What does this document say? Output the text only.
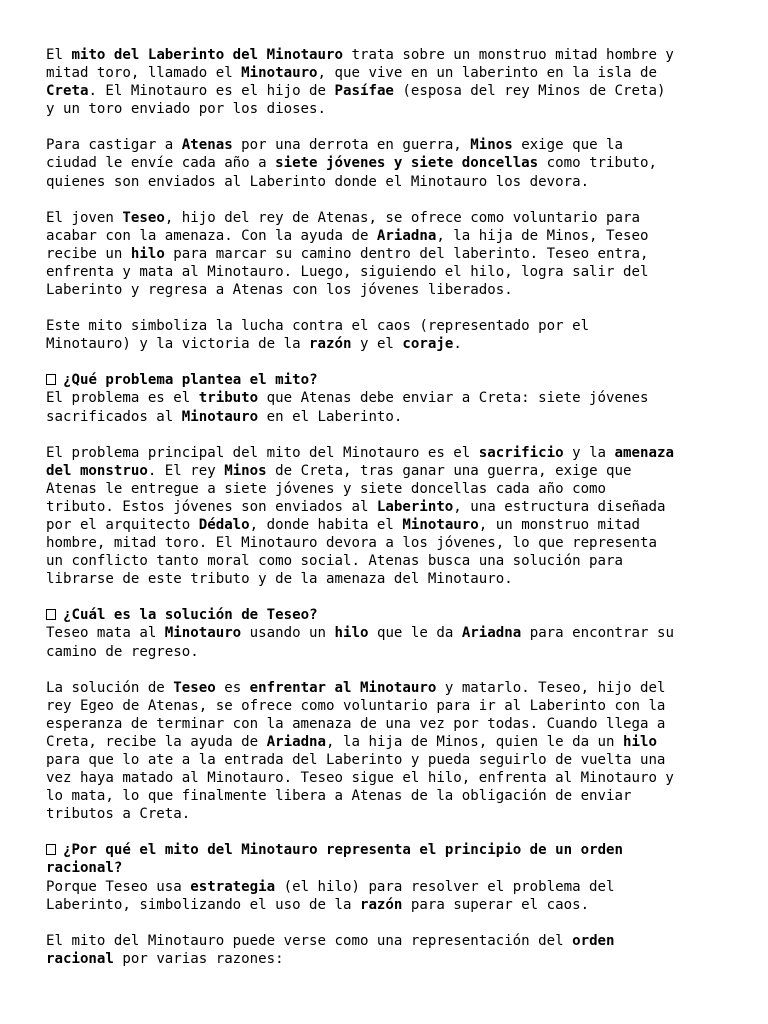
El mito del Laberinto del Minotauro trata sobre un monstruo mitad hombre y
mitad toro, llamado el Minotauro, que vive en un laberinto en la isla de
Creta. El Minotauro es el hijo de Pasífae (esposa del rey Minos de Creta)
y un toro enviado por los dioses.

Para castigar a Atenas por una derrota en guerra, Minos exige que la
ciudad le envíe cada año a siete jóvenes y siete doncellas como tributo,
quienes son enviados al Laberinto donde el Minotauro los devora.

El joven Teseo, hijo del rey de Atenas, se ofrece como voluntario para
acabar con la amenaza. Con la ayuda de Ariadna, la hija de Minos, Teseo
recibe un hilo para marcar su camino dentro del laberinto. Teseo entra,
enfrenta y mata al Minotauro. Luego, siguiendo el hilo, logra salir del
Laberinto y regresa a Atenas con los jóvenes liberados.

Este mito simboliza la lucha contra el caos (representado por el
Minotauro) y la victoria de la razón y el coraje.

¿Qué problema plantea el mito?
El problema es el tributo que Atenas debe enviar a Creta: siete jóvenes
sacrificados al Minotauro en el Laberinto.

El problema principal del mito del Minotauro es el sacrificio y la amenaza
del monstruo. El rey Minos de Creta, tras ganar una guerra, exige que
Atenas le entregue a siete jóvenes y siete doncellas cada año como
tributo. Estos jóvenes son enviados al Laberinto, una estructura diseñada
por el arquitecto Dédalo, donde habita el Minotauro, un monstruo mitad
hombre, mitad toro. El Minotauro devora a los jóvenes, lo que representa
un conflicto tanto moral como social. Atenas busca una solución para
librarse de este tributo y de la amenaza del Minotauro.

¿Cuál es la solución de Teseo?
Teseo mata al Minotauro usando un hilo que le da Ariadna para encontrar su
camino de regreso.

La solución de Teseo es enfrentar al Minotauro y matarlo. Teseo, hijo del
rey Egeo de Atenas, se ofrece como voluntario para ir al Laberinto con la
esperanza de terminar con la amenaza de una vez por todas. Cuando llega a
Creta, recibe la ayuda de Ariadna, la hija de Minos, quien le da un hilo
para que lo ate a la entrada del Laberinto y pueda seguirlo de vuelta una
vez haya matado al Minotauro. Teseo sigue el hilo, enfrenta al Minotauro y
lo mata, lo que finalmente libera a Atenas de la obligación de enviar
tributos a Creta.

¿Por qué el mito del Minotauro representa el principio de un orden
racional?
Porque Teseo usa estrategia (el hilo) para resolver el problema del
Laberinto, simbolizando el uso de la razón para superar el caos.

El mito del Minotauro puede verse como una representación del orden
racional por varias razones:
